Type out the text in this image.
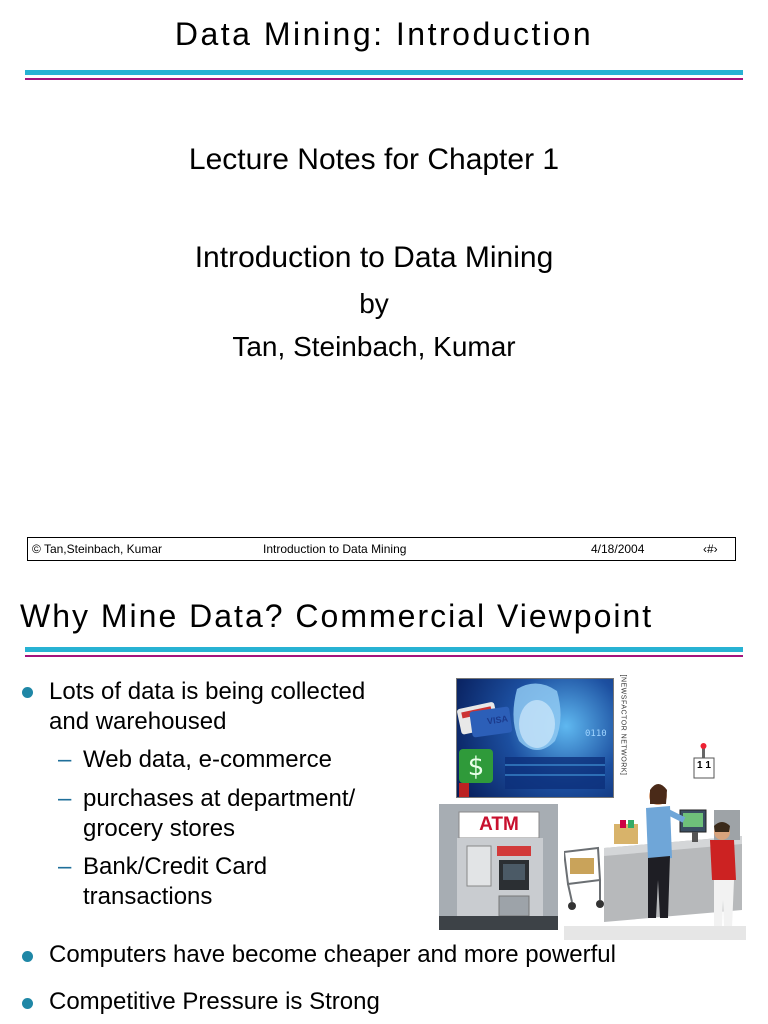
Data Mining: Introduction
Lecture Notes for Chapter 1
Introduction to Data Mining
by
Tan, Steinbach, Kumar
© Tan,Steinbach, Kumar	Introduction to Data Mining	4/18/2004	‹#›
Why Mine Data? Commercial Viewpoint
Lots of data is being collected
and warehoused
– Web data, e-commerce
– purchases at department/
grocery stores
– Bank/Credit Card
transactions
Computers have become cheaper and more powerful
Competitive Pressure is Strong
$
VISA
0110 [NEWSFACTOR NETWORK]
ATM
1 1
